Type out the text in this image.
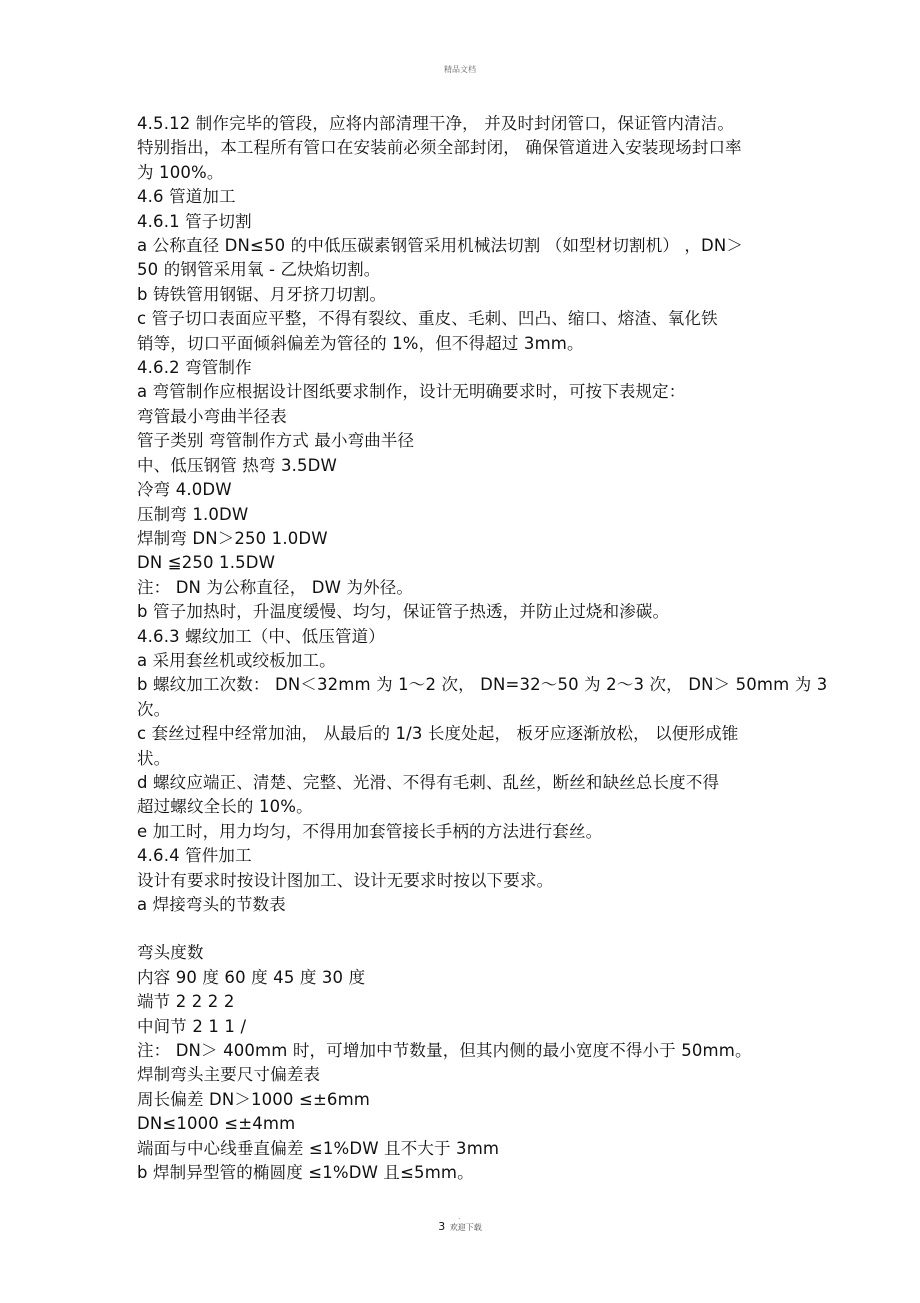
精品文档
4.5.12 制作完毕的管段，应将内部清理干净， 并及时封闭管口，保证管内清洁。
特别指出，本工程所有管口在安装前必须全部封闭， 确保管道进入安装现场封口率
为 100%。
4.6 管道加工
4.6.1 管子切割
a 公称直径 DN≤50 的中低压碳素钢管采用机械法切割 （如型材切割机） ，DN＞
50 的钢管采用氧 - 乙炔焰切割。
b 铸铁管用钢锯、月牙挤刀切割。
c 管子切口表面应平整，不得有裂纹、重皮、毛刺、凹凸、缩口、熔渣、氧化铁
销等，切口平面倾斜偏差为管径的 1%，但不得超过 3mm。
4.6.2 弯管制作
a 弯管制作应根据设计图纸要求制作，设计无明确要求时，可按下表规定：
弯管最小弯曲半径表
管子类别 弯管制作方式 最小弯曲半径
中、低压钢管 热弯 3.5DW
冷弯 4.0DW
压制弯 1.0DW
焊制弯 DN＞250 1.0DW
DN ≦250 1.5DW
注： DN 为公称直径， DW 为外径。
b 管子加热时，升温度缓慢、均匀，保证管子热透，并防止过烧和渗碳。
4.6.3 螺纹加工（中、低压管道）
a 采用套丝机或绞板加工。
b 螺纹加工次数： DN＜32mm 为 1～2 次， DN=32～50 为 2～3 次， DN＞ 50mm 为 3
次。
c 套丝过程中经常加油， 从最后的 1/3 长度处起， 板牙应逐渐放松， 以便形成锥
状。
d 螺纹应端正、清楚、完整、光滑、不得有毛刺、乱丝，断丝和缺丝总长度不得
超过螺纹全长的 10%。
e 加工时，用力均匀，不得用加套管接长手柄的方法进行套丝。
4.6.4 管件加工
设计有要求时按设计图加工、设计无要求时按以下要求。
a 焊接弯头的节数表
弯头度数
内容 90 度 60 度 45 度 30 度
端节 2 2 2 2
中间节 2 1 1 /
注： DN＞ 400mm 时，可增加中节数量，但其内侧的最小宽度不得小于 50mm。
焊制弯头主要尺寸偏差表
周长偏差 DN＞1000 ≤±6mm
DN≤1000 ≤±4mm
端面与中心线垂直偏差 ≤1%DW 且不大于 3mm
b 焊制异型管的椭圆度 ≤1%DW 且≤5mm。
.
3 欢迎下载
